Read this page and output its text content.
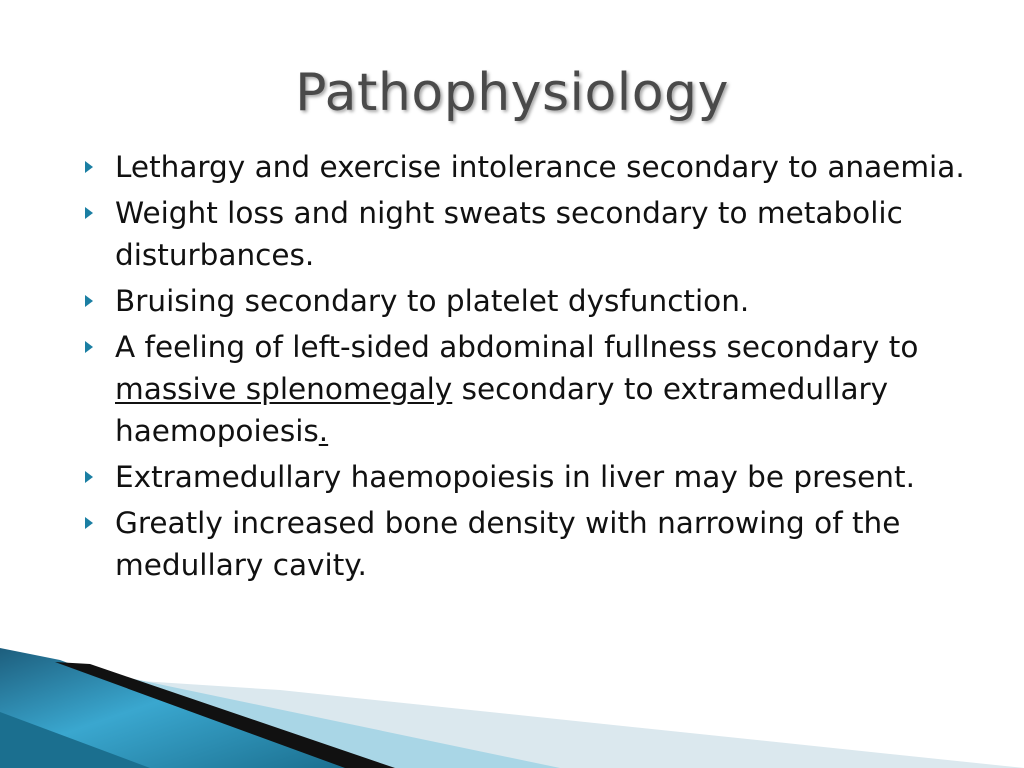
Pathophysiology
Lethargy and exercise intolerance secondary to anaemia.
Weight loss and night sweats secondary to metabolic disturbances.
Bruising secondary to platelet dysfunction.
A feeling of left-sided abdominal fullness secondary to massive splenomegaly secondary to extramedullary haemopoiesis.
Extramedullary haemopoiesis in liver may be present.
Greatly increased bone density with narrowing of the medullary cavity.
